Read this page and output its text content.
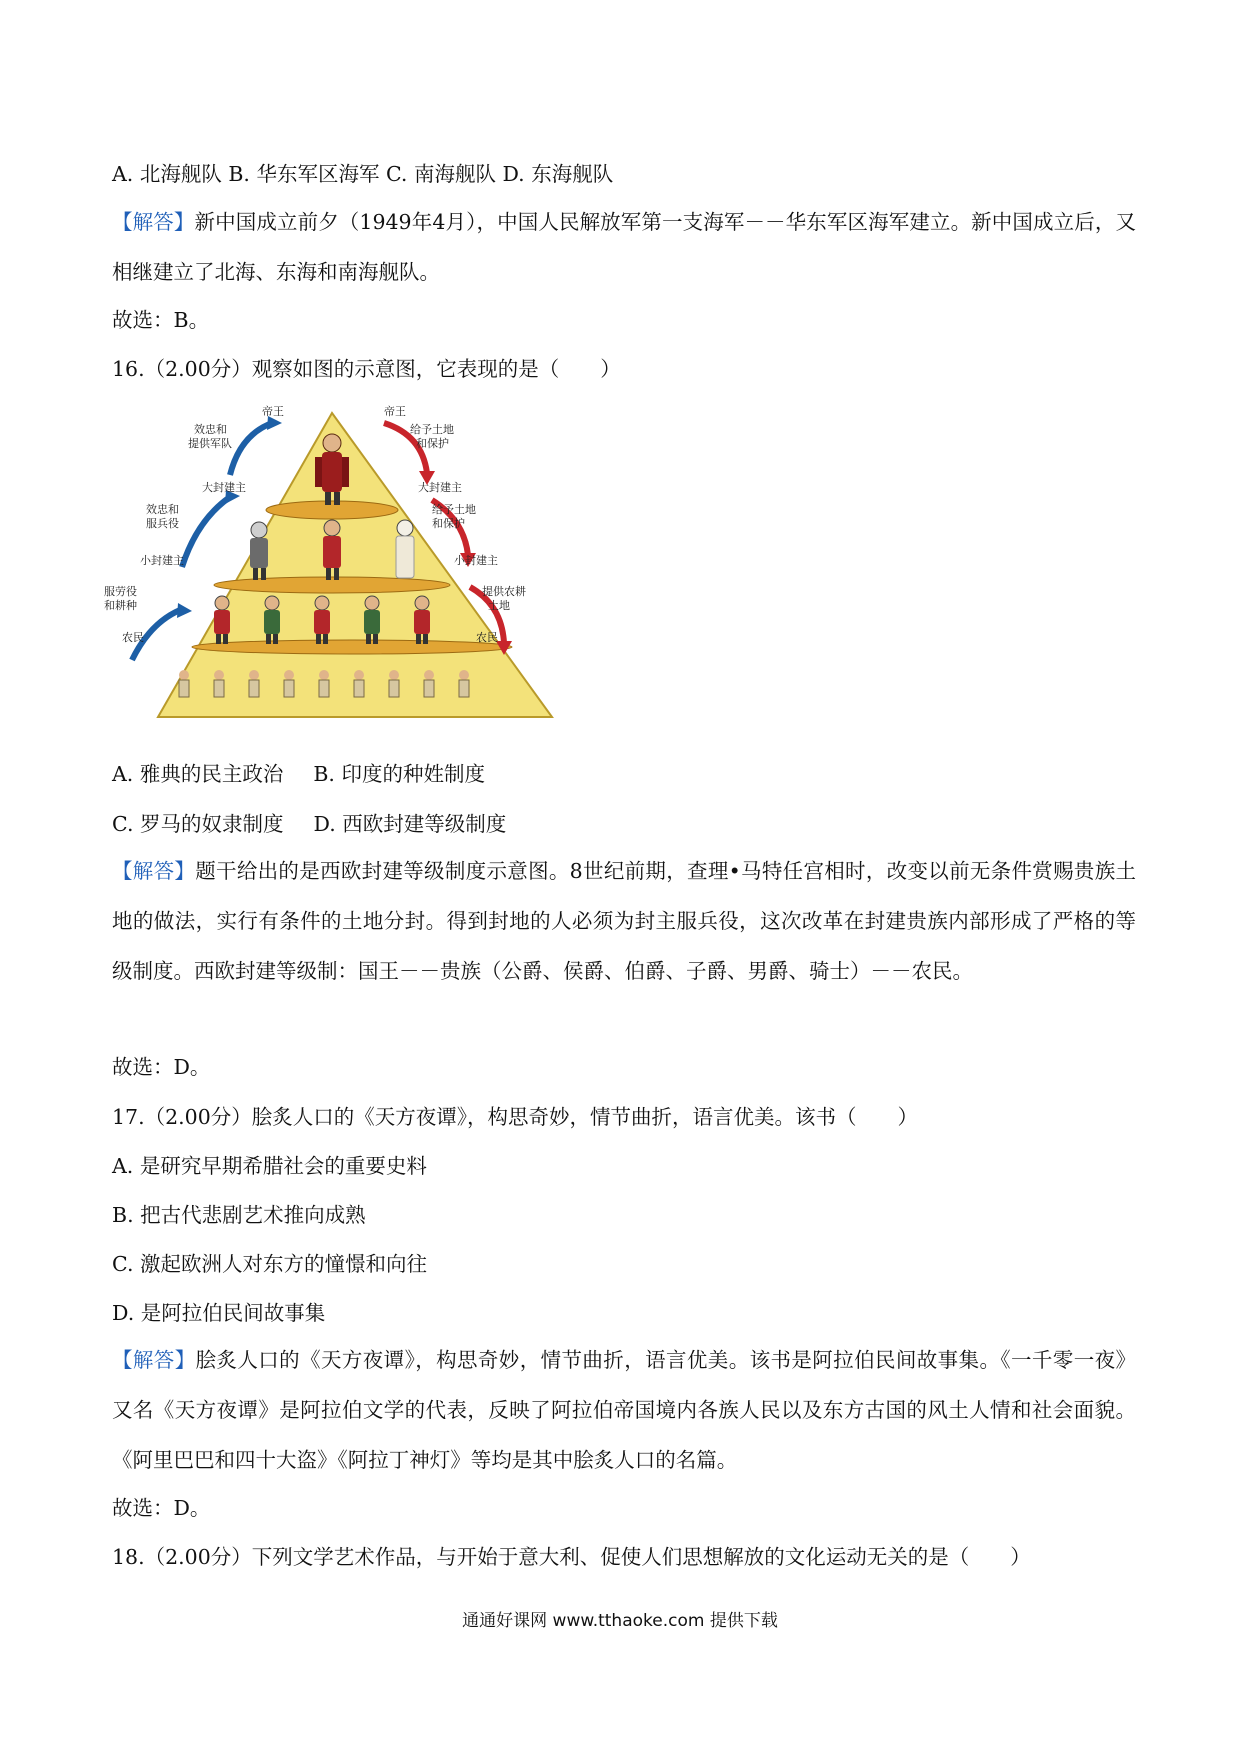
A. 北海舰队 B. 华东军区海军 C. 南海舰队 D. 东海舰队
【解答】新中国成立前夕（1949年4月），中国人民解放军第一支海军－－华东军区海军建立。新中国成立后，又相继建立了北海、东海和南海舰队。
故选：B。
16.（2.00分）观察如图的示意图，它表现的是（　　）
帝王	帝王
效忠和
提供军队
给予土地
和保护
大封建主	大封建主
效忠和
服兵役
给予土地
和保护
小封建主	小封建主
服劳役
和耕种
提供农耕
土地
农民	农民
A. 雅典的民主政治 B. 印度的种姓制度
C. 罗马的奴隶制度 D. 西欧封建等级制度
【解答】题干给出的是西欧封建等级制度示意图。8世纪前期，查理•马特任宫相时，改变以前无条件赏赐贵族土地的做法，实行有条件的土地分封。得到封地的人必须为封主服兵役，这次改革在封建贵族内部形成了严格的等级制度。西欧封建等级制：国王－－贵族（公爵、侯爵、伯爵、子爵、男爵、骑士）－－农民。
故选：D。
17.（2.00分）脍炙人口的《天方夜谭》，构思奇妙，情节曲折，语言优美。该书（　　）
A. 是研究早期希腊社会的重要史料
B. 把古代悲剧艺术推向成熟
C. 激起欧洲人对东方的憧憬和向往
D. 是阿拉伯民间故事集
【解答】脍炙人口的《天方夜谭》，构思奇妙，情节曲折，语言优美。该书是阿拉伯民间故事集。《一千零一夜》又名《天方夜谭》是阿拉伯文学的代表，反映了阿拉伯帝国境内各族人民以及东方古国的风土人情和社会面貌。《阿里巴巴和四十大盗》《阿拉丁神灯》等均是其中脍炙人口的名篇。
故选：D。
18.（2.00分）下列文学艺术作品，与开始于意大利、促使人们思想解放的文化运动无关的是（　　）
通通好课网 www.tthaoke.com 提供下载
